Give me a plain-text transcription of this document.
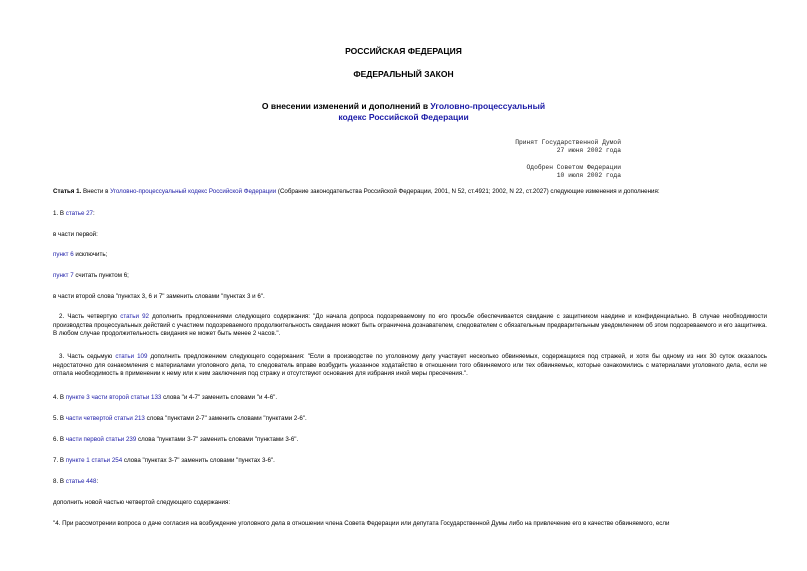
РОССИЙСКАЯ ФЕДЕРАЦИЯ
ФЕДЕРАЛЬНЫЙ ЗАКОН
О внесении изменений и дополнений в Уголовно-процессуальный
кодекс Российской Федерации
Принят Государственной Думой
27 июня 2002 года
Одобрен Советом Федерации
10 июля 2002 года
Статья 1. Внести в Уголовно-процессуальный кодекс Российской Федерации (Собрание законодательства Российской Федерации, 2001, N 52, ст.4921; 2002, N 22, ст.2027) следующие изменения и дополнения:
1. В статье 27:
в части первой:
пункт 6 исключить;
пункт 7 считать пунктом 6;
в части второй слова "пунктах 3, 6 и 7" заменить словами "пунктах 3 и 6".
2. Часть четвертую статьи 92 дополнить предложениями следующего содержания: "До начала допроса подозреваемому по его просьбе обеспечивается свидание с защитником наедине и конфиденциально. В случае необходимости производства процессуальных действий с участием подозреваемого продолжительность свидания может быть ограничена дознавателем, следователем с обязательным предварительным уведомлением об этом подозреваемого и его защитника. В любом случае продолжительность свидания не может быть менее 2 часов.".
3. Часть седьмую статьи 109 дополнить предложением следующего содержания: "Если в производстве по уголовному делу участвует несколько обвиняемых, содержащихся под стражей, и хотя бы одному из них 30 суток оказалось недостаточно для ознакомления с материалами уголовного дела, то следователь вправе возбудить указанное ходатайство в отношении того обвиняемого или тех обвиняемых, которые ознакомились с материалами уголовного дела, если не отпала необходимость в применении к нему или к ним заключения под стражу и отсутствуют основания для избрания иной меры пресечения.".
4. В пункте 3 части второй статьи 133 слова "и 4-7" заменить словами "и 4-6".
5. В части четвертой статьи 213 слова "пунктами 2-7" заменить словами "пунктами 2-6".
6. В части первой статьи 239 слова "пунктами 3-7" заменить словами "пунктами 3-6".
7. В пункте 1 статьи 254 слова "пунктах 3-7" заменить словами "пунктах 3-6".
8. В статье 448:
дополнить новой частью четвертой следующего содержания:
"4. При рассмотрении вопроса о даче согласия на возбуждение уголовного дела в отношении члена Совета Федерации или депутата Государственной Думы либо на привлечение его в качестве обвиняемого, если
